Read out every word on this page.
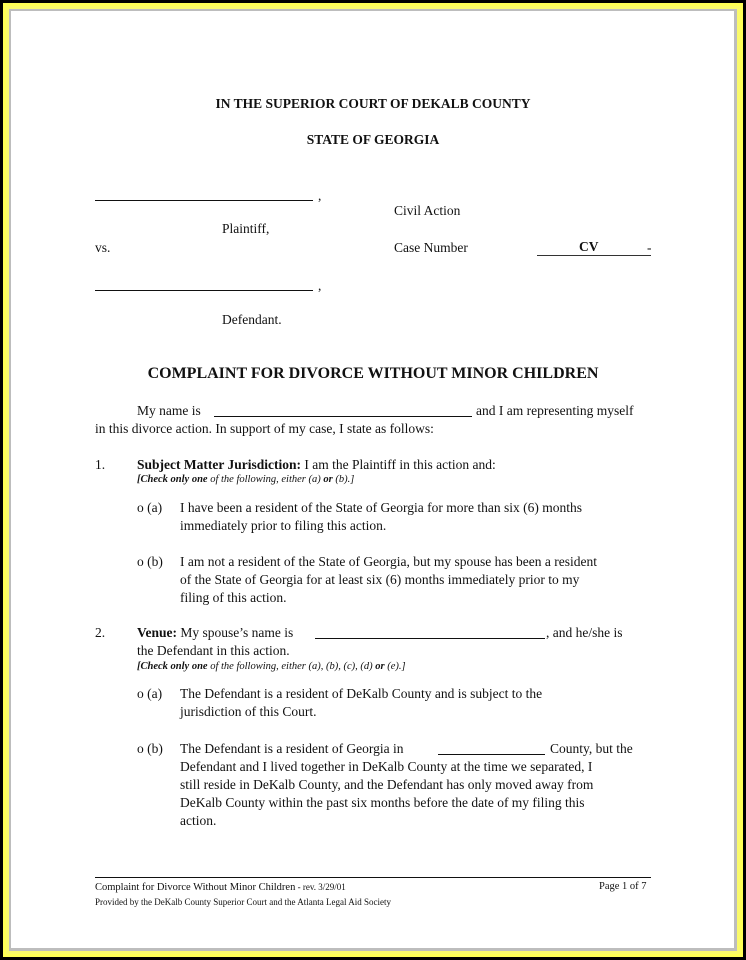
IN THE SUPERIOR COURT OF DEKALB COUNTY
STATE OF GEORGIA
,
Plaintiff,
vs.
,
Defendant.
Civil Action
Case Number	CV	-
COMPLAINT FOR DIVORCE WITHOUT MINOR CHILDREN
My name is	and I am representing myself
in this divorce action. In support of my case, I state as follows:
1. Subject Matter Jurisdiction: I am the Plaintiff in this action and:
[Check only one of the following, either (a) or (b).]
o (a) I have been a resident of the State of Georgia for more than six (6) months
immediately prior to filing this action.
o (b) I am not a resident of the State of Georgia, but my spouse has been a resident
of the State of Georgia for at least six (6) months immediately prior to my
filing of this action.
2. Venue: My spouse’s name is	, and he/she is
the Defendant in this action.
[Check only one of the following, either (a), (b), (c), (d) or (e).]
o (a) The Defendant is a resident of DeKalb County and is subject to the
jurisdiction of this Court.
o (b) The Defendant is a resident of Georgia in
Defendant and I lived together in DeKalb County at the time we separated, I
still reside in DeKalb County, and the Defendant has only moved away from
DeKalb County within the past six months before the date of my filing this
action.
County, but the
Complaint for Divorce Without Minor Children - rev. 3/29/01	Page 1 of 7
Provided by the DeKalb County Superior Court and the Atlanta Legal Aid Society
